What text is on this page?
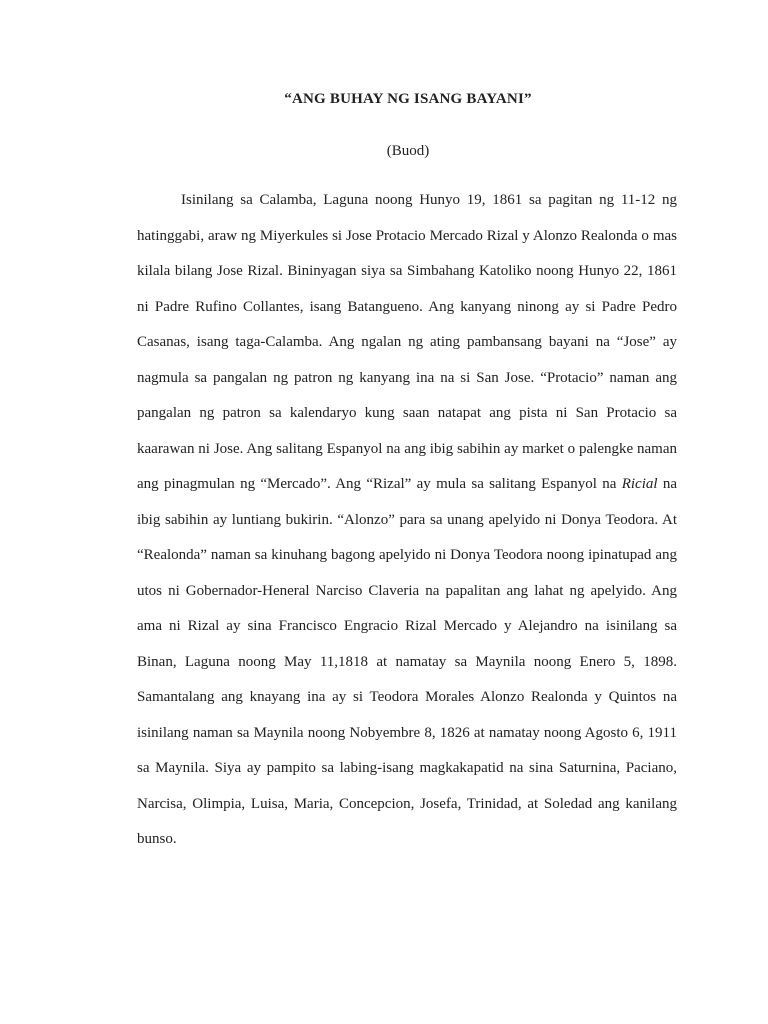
“ANG BUHAY NG ISANG BAYANI”

(Buod)

Isinilang sa Calamba, Laguna noong Hunyo 19, 1861 sa pagitan ng 11-12 ng hatinggabi, araw ng Miyerkules si Jose Protacio Mercado Rizal y Alonzo Realonda o mas kilala bilang Jose Rizal. Bininyagan siya sa Simbahang Katoliko noong Hunyo 22, 1861 ni Padre Rufino Collantes, isang Batangueno. Ang kanyang ninong ay si Padre Pedro Casanas, isang taga-Calamba. Ang ngalan ng ating pambansang bayani na “Jose” ay nagmula sa pangalan ng patron ng kanyang ina na si San Jose. “Protacio” naman ang pangalan ng patron sa kalendaryo kung saan natapat ang pista ni San Protacio sa kaarawan ni Jose. Ang salitang Espanyol na ang ibig sabihin ay market o palengke naman ang pinagmulan ng “Mercado”. Ang “Rizal” ay mula sa salitang Espanyol na Ricial na ibig sabihin ay luntiang bukirin. “Alonzo” para sa unang apelyido ni Donya Teodora. At “Realonda” naman sa kinuhang bagong apelyido ni Donya Teodora noong ipinatupad ang utos ni Gobernador-Heneral Narciso Claveria na papalitan ang lahat ng apelyido. Ang ama ni Rizal ay sina Francisco Engracio Rizal Mercado y Alejandro na isinilang sa Binan, Laguna noong May 11,1818 at namatay sa Maynila noong Enero 5, 1898. Samantalang ang knayang ina ay si Teodora Morales Alonzo Realonda y Quintos na isinilang naman sa Maynila noong Nobyembre 8, 1826 at namatay noong Agosto 6, 1911 sa Maynila. Siya ay pampito sa labing-isang magkakapatid na sina Saturnina, Paciano, Narcisa, Olimpia, Luisa, Maria, Concepcion, Josefa, Trinidad, at Soledad ang kanilang bunso.
